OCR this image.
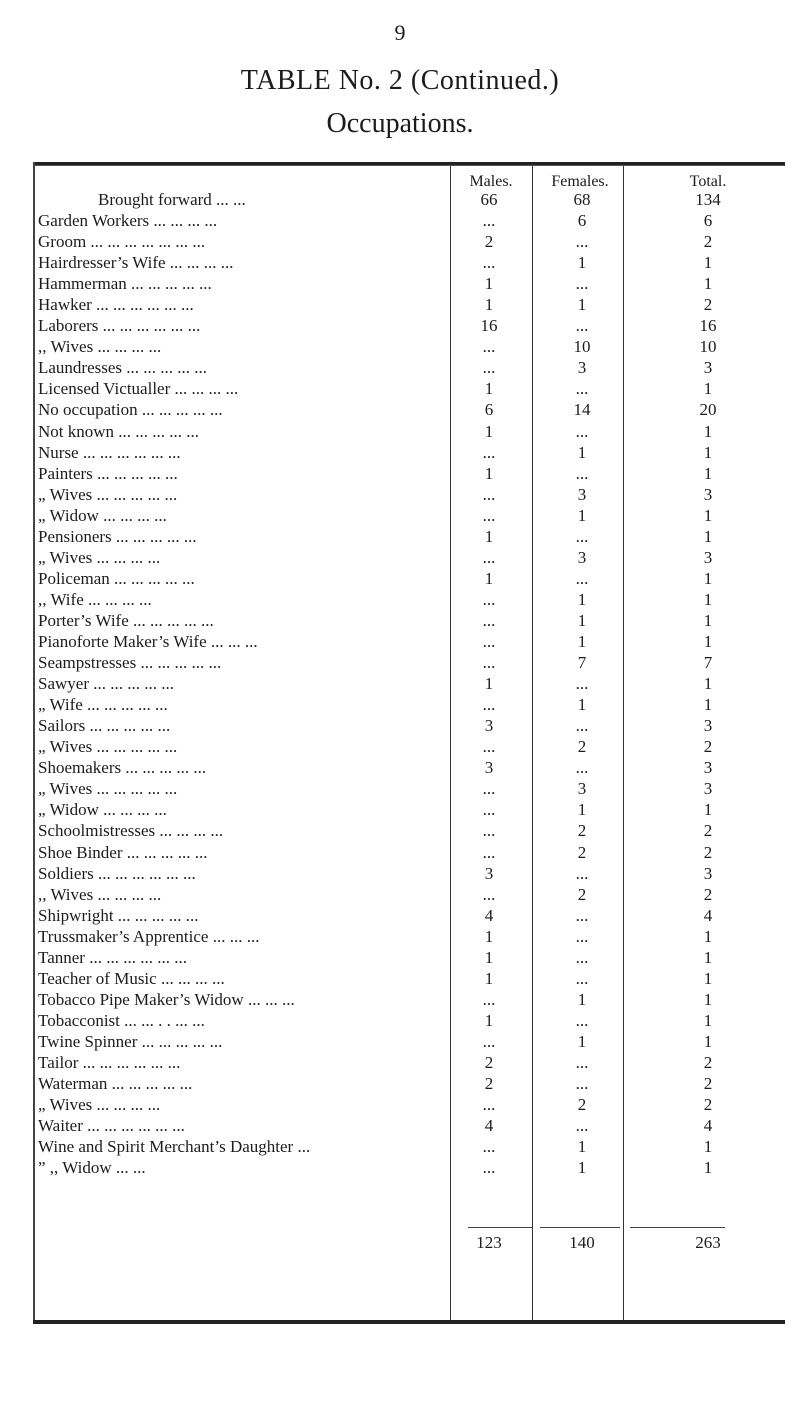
9
TABLE No. 2 (Continued.)
Occupations.
Males.	Females.	Total.
Brought forward ... ...	66	68	134
Garden Workers ... ... ... ...	...	6	6
Groom ... ... ... ... ... ... ...	2	...	2
Hairdresser’s Wife ... ... ... ...	...	1	1
Hammerman ... ... ... ... ...	1	...	1
Hawker ... ... ... ... ... ...	1	1	2
Laborers ... ... ... ... ... ...	16	...	16
,, Wives ... ... ... ...	...	10	10
Laundresses ... ... ... ... ...	...	3	3
Licensed Victualler ... ... ... ...	1	...	1
No occupation ... ... ... ... ...	6	14	20
Not known ... ... ... ... ...	1	...	1
Nurse ... ... ... ... ... ...	...	1	1
Painters ... ... ... ... ...	1	...	1
„ Wives ... ... ... ... ...	...	3	3
„ Widow ... ... ... ...	...	1	1
Pensioners ... ... ... ... ...	1	...	1
„ Wives ... ... ... ...	...	3	3
Policeman ... ... ... ... ...	1	...	1
,, Wife ... ... ... ...	...	1	1
Porter’s Wife ... ... ... ... ...	...	1	1
Pianoforte Maker’s Wife ... ... ...	...	1	1
Seampstresses ... ... ... ... ...	...	7	7
Sawyer ... ... ... ... ...	1	...	1
„ Wife ... ... ... ... ...	...	1	1
Sailors ... ... ... ... ...	3	...	3
„ Wives ... ... ... ... ...	...	2	2
Shoemakers ... ... ... ... ...	3	...	3
„ Wives ... ... ... ... ...	...	3	3
„ Widow ... ... ... ...	...	1	1
Schoolmistresses ... ... ... ...	...	2	2
Shoe Binder ... ... ... ... ...	...	2	2
Soldiers ... ... ... ... ... ...	3	...	3
,, Wives ... ... ... ...	...	2	2
Shipwright ... ... ... ... ...	4	...	4
Trussmaker’s Apprentice ... ... ...	1	...	1
Tanner ... ... ... ... ... ...	1	...	1
Teacher of Music ... ... ... ...	1	...	1
Tobacco Pipe Maker’s Widow ... ... ...	...	1	1
Tobacconist ... ... . . ... ...	1	...	1
Twine Spinner ... ... ... ... ...	...	1	1
Tailor ... ... ... ... ... ...	2	...	2
Waterman ... ... ... ... ...	2	...	2
„ Wives ... ... ... ...	...	2	2
Waiter ... ... ... ... ... ...	4	...	4
Wine and Spirit Merchant’s Daughter ...	...	1	1
” ,, Widow ... ...	...	1	1
123	140	263
